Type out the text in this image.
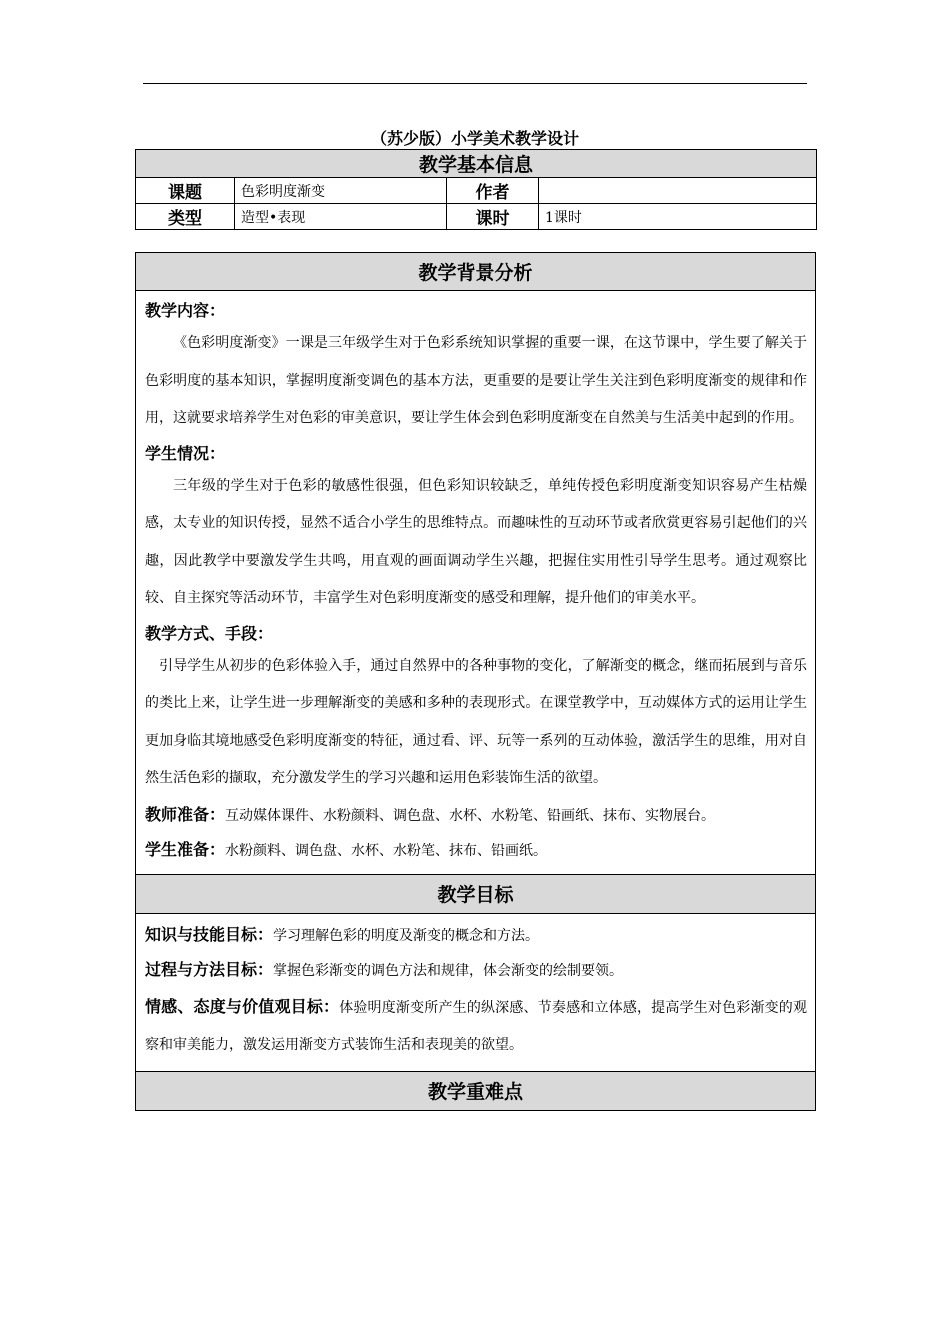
（苏少版）小学美术教学设计
教学基本信息			
课题	色彩明度渐变	作者	
类型	造型•表现	课时	1课时
教学背景分析

教学内容：
《色彩明度渐变》一课是三年级学生对于色彩系统知识掌握的重要一课，在这节课中，学生要了解关于色彩明度的基本知识，掌握明度渐变调色的基本方法，更重要的是要让学生关注到色彩明度渐变的规律和作用，这就要求培养学生对色彩的审美意识，要让学生体会到色彩明度渐变在自然美与生活美中起到的作用。
学生情况：
三年级的学生对于色彩的敏感性很强，但色彩知识较缺乏，单纯传授色彩明度渐变知识容易产生枯燥感，太专业的知识传授，显然不适合小学生的思维特点。而趣味性的互动环节或者欣赏更容易引起他们的兴趣，因此教学中要激发学生共鸣，用直观的画面调动学生兴趣，把握住实用性引导学生思考。通过观察比较、自主探究等活动环节，丰富学生对色彩明度渐变的感受和理解，提升他们的审美水平。
教学方式、手段：
引导学生从初步的色彩体验入手，通过自然界中的各种事物的变化，了解渐变的概念，继而拓展到与音乐的类比上来，让学生进一步理解渐变的美感和多种的表现形式。在课堂教学中，互动媒体方式的运用让学生更加身临其境地感受色彩明度渐变的特征，通过看、评、玩等一系列的互动体验，激活学生的思维，用对自然生活色彩的撷取，充分激发学生的学习兴趣和运用色彩装饰生活的欲望。
教师准备：互动媒体课件、水粉颜料、调色盘、水杯、水粉笔、铅画纸、抹布、实物展台。
学生准备：水粉颜料、调色盘、水杯、水粉笔、抹布、铅画纸。

教学目标

知识与技能目标：学习理解色彩的明度及渐变的概念和方法。
过程与方法目标：掌握色彩渐变的调色方法和规律，体会渐变的绘制要领。
情感、态度与价值观目标：体验明度渐变所产生的纵深感、节奏感和立体感，提高学生对色彩渐变的观察和审美能力，激发运用渐变方式装饰生活和表现美的欲望。

教学重难点
